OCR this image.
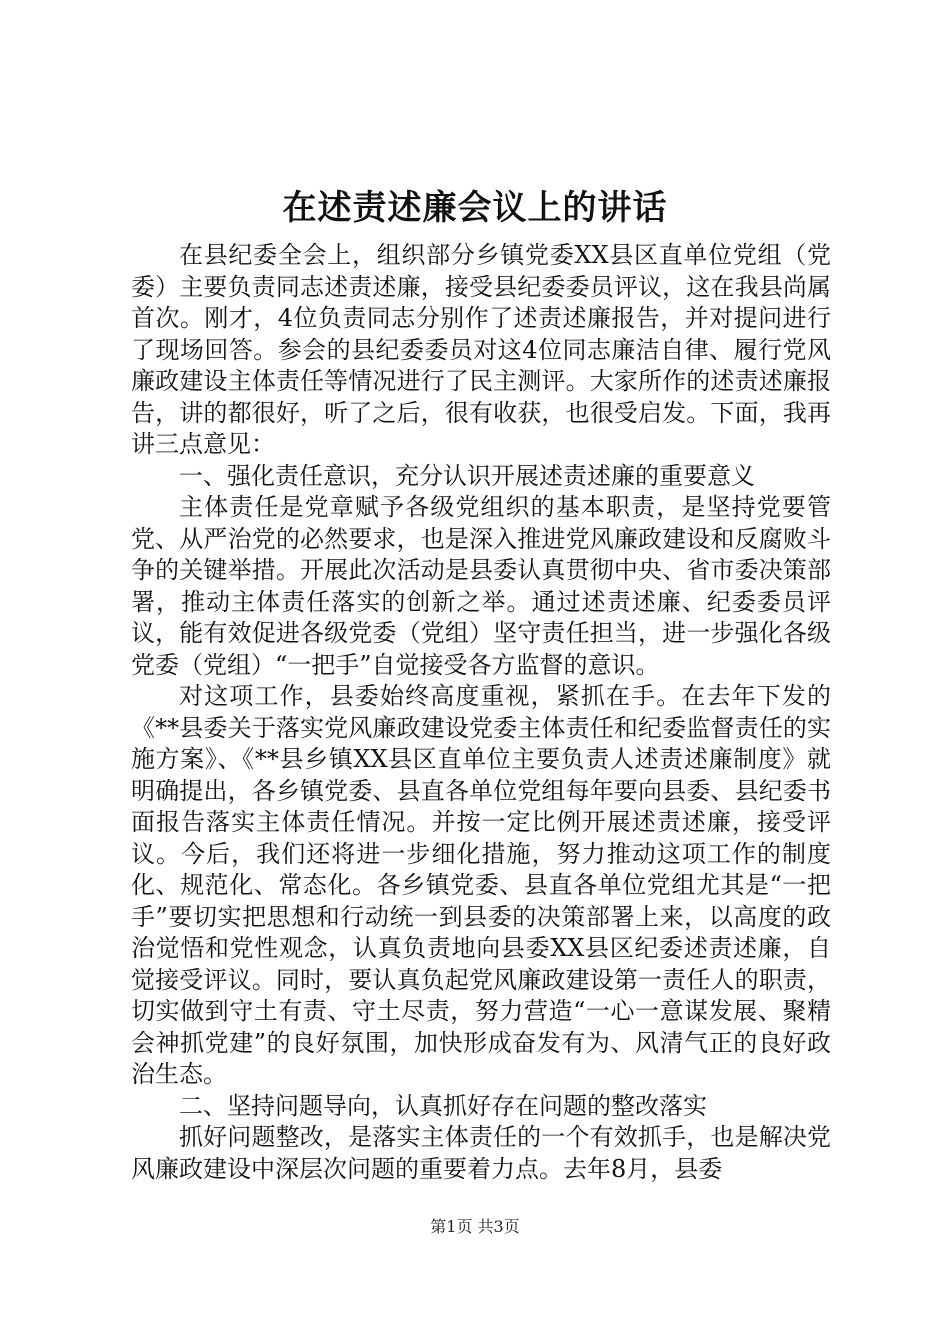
在述责述廉会议上的讲话

在县纪委全会上，组织部分乡镇党委XX县区直单位党组（党委）主要负责同志述责述廉，接受县纪委委员评议，这在我县尚属首次。刚才，4位负责同志分别作了述责述廉报告，并对提问进行了现场回答。参会的县纪委委员对这4位同志廉洁自律、履行党风廉政建设主体责任等情况进行了民主测评。大家所作的述责述廉报告，讲的都很好，听了之后，很有收获，也很受启发。下面，我再讲三点意见：

一、强化责任意识，充分认识开展述责述廉的重要意义

主体责任是党章赋予各级党组织的基本职责，是坚持党要管党、从严治党的必然要求，也是深入推进党风廉政建设和反腐败斗争的关键举措。开展此次活动是县委认真贯彻中央、省市委决策部署，推动主体责任落实的创新之举。通过述责述廉、纪委委员评议，能有效促进各级党委（党组）坚守责任担当，进一步强化各级党委（党组）“一把手”自觉接受各方监督的意识。

对这项工作，县委始终高度重视，紧抓在手。在去年下发的《**县委关于落实党风廉政建设党委主体责任和纪委监督责任的实施方案》、《**县乡镇XX县区直单位主要负责人述责述廉制度》就明确提出，各乡镇党委、县直各单位党组每年要向县委、县纪委书面报告落实主体责任情况。并按一定比例开展述责述廉，接受评议。今后，我们还将进一步细化措施，努力推动这项工作的制度化、规范化、常态化。各乡镇党委、县直各单位党组尤其是“一把手”要切实把思想和行动统一到县委的决策部署上来，以高度的政治觉悟和党性观念，认真负责地向县委XX县区纪委述责述廉，自觉接受评议。同时，要认真负起党风廉政建设第一责任人的职责，切实做到守土有责、守土尽责，努力营造“一心一意谋发展、聚精会神抓党建”的良好氛围，加快形成奋发有为、风清气正的良好政治生态。

二、坚持问题导向，认真抓好存在问题的整改落实

抓好问题整改，是落实主体责任的一个有效抓手，也是解决党风廉政建设中深层次问题的重要着力点。去年8月，县委

第1页 共3页
